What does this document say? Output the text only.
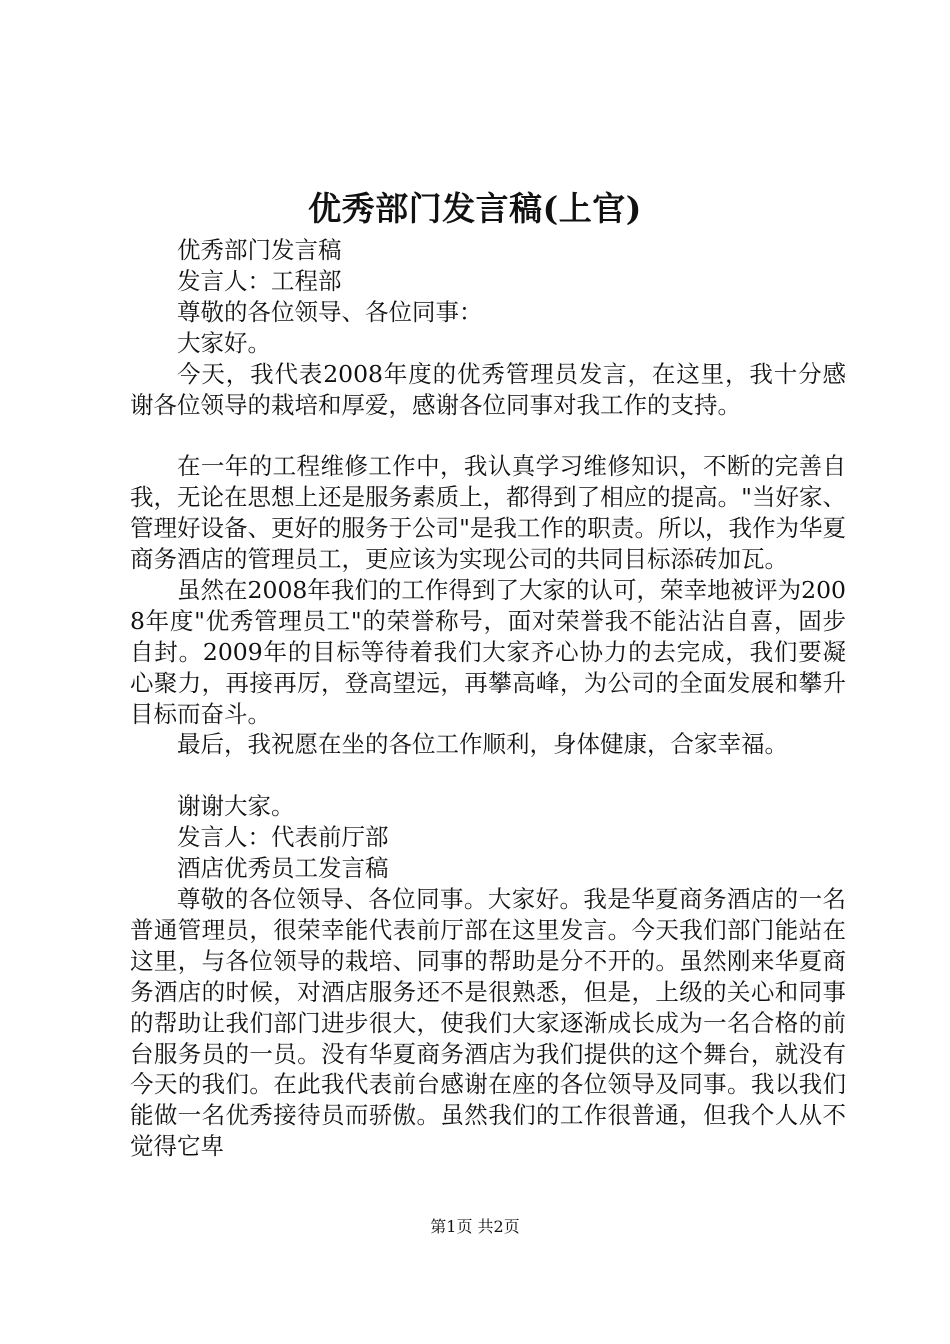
优秀部门发言稿(上官)

优秀部门发言稿

发言人：工程部

尊敬的各位领导、各位同事：

大家好。

今天，我代表2008年度的优秀管理员发言，在这里，我十分感谢各位领导的栽培和厚爱，感谢各位同事对我工作的支持。

在一年的工程维修工作中，我认真学习维修知识，不断的完善自我，无论在思想上还是服务素质上，都得到了相应的提高。"当好家、管理好设备、更好的服务于公司"是我工作的职责。所以，我作为华夏商务酒店的管理员工，更应该为实现公司的共同目标添砖加瓦。

虽然在2008年我们的工作得到了大家的认可，荣幸地被评为2008年度"优秀管理员工"的荣誉称号，面对荣誉我不能沾沾自喜，固步自封。2009年的目标等待着我们大家齐心协力的去完成，我们要凝心聚力，再接再厉，登高望远，再攀高峰，为公司的全面发展和攀升目标而奋斗。

最后，我祝愿在坐的各位工作顺利，身体健康，合家幸福。

谢谢大家。

发言人：代表前厅部

酒店优秀员工发言稿

尊敬的各位领导、各位同事。大家好。我是华夏商务酒店的一名普通管理员，很荣幸能代表前厅部在这里发言。今天我们部门能站在这里，与各位领导的栽培、同事的帮助是分不开的。虽然刚来华夏商务酒店的时候，对酒店服务还不是很熟悉，但是，上级的关心和同事的帮助让我们部门进步很大，使我们大家逐渐成长成为一名合格的前台服务员的一员。没有华夏商务酒店为我们提供的这个舞台，就没有今天的我们。在此我代表前台感谢在座的各位领导及同事。我以我们能做一名优秀接待员而骄傲。虽然我们的工作很普通，但我个人从不觉得它卑

第1页 共2页
